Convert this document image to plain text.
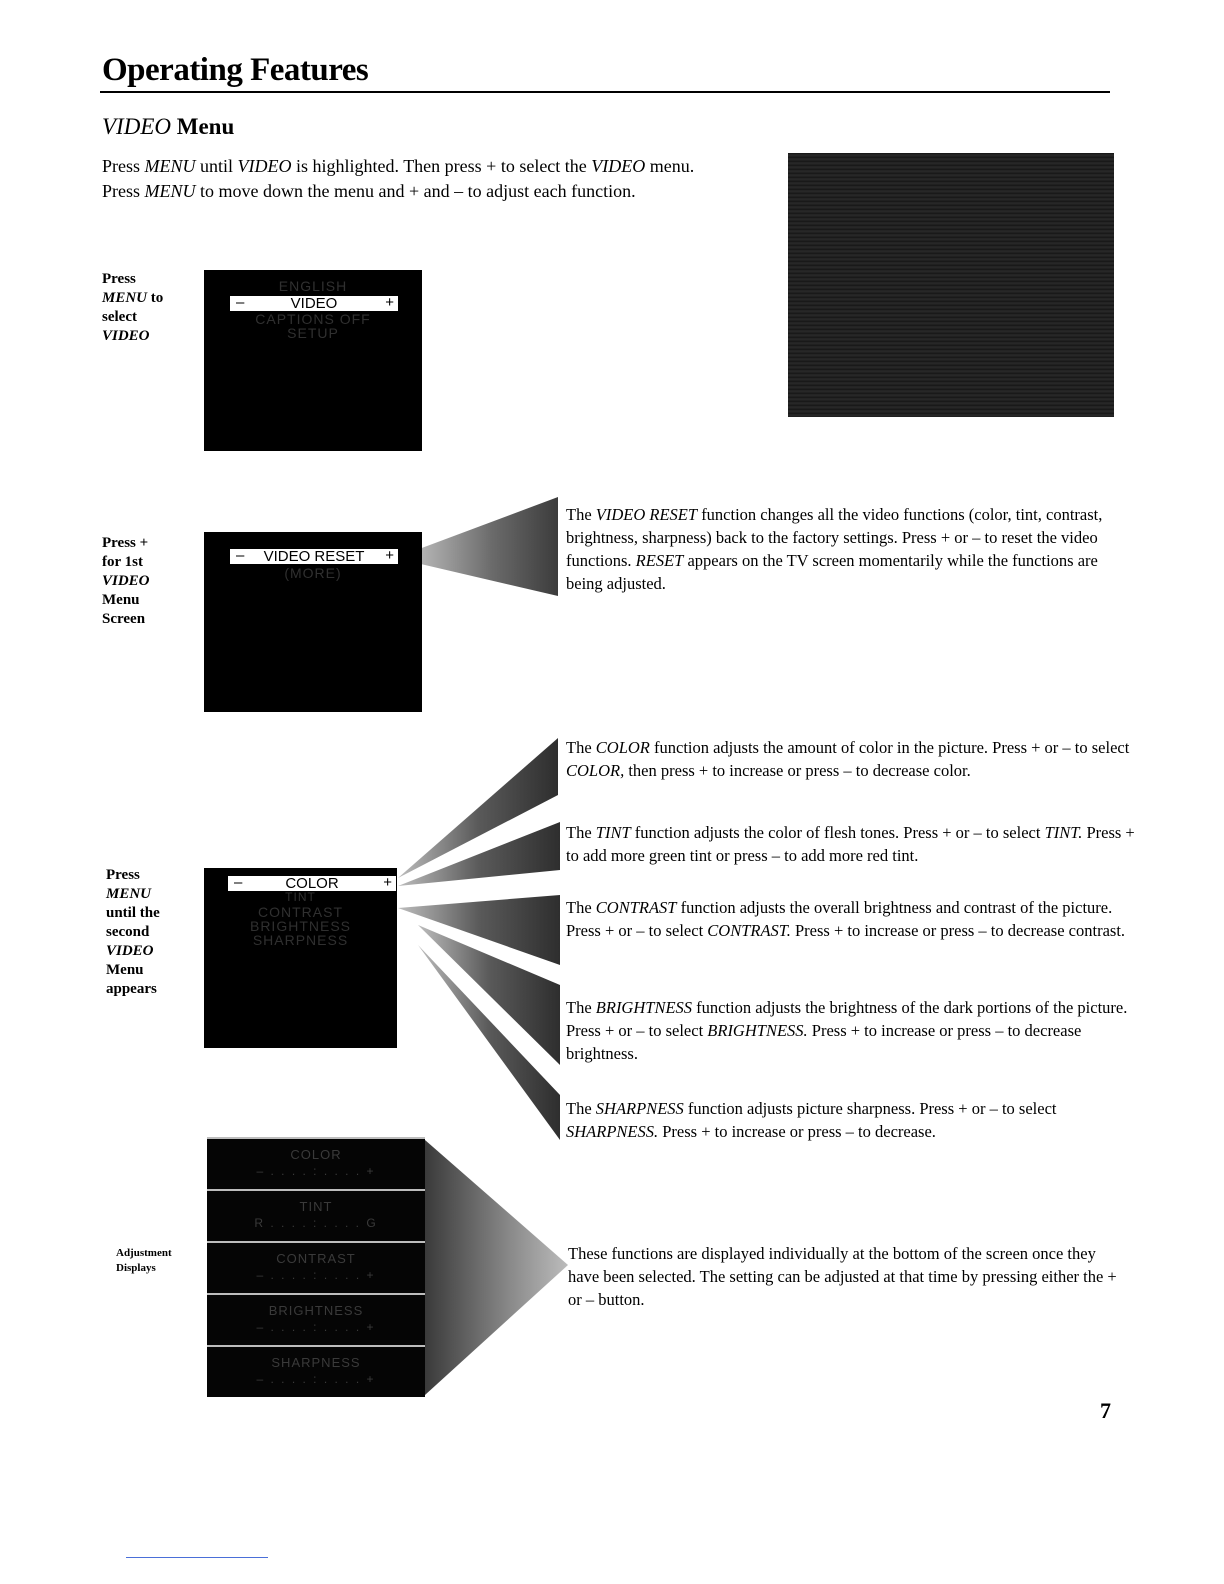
Operating Features
VIDEO Menu
Press MENU until VIDEO is highlighted. Then press + to select the VIDEO menu. Press MENU to move down the menu and + and – to adjust each function.
Press
MENU to
select
VIDEO
ENGLISH
–	VIDEO	+
CAPTIONS OFF
SETUP
Press +
for 1st
VIDEO
Menu
Screen
–	VIDEO RESET	+
(MORE)
The VIDEO RESET function changes all the video functions (color, tint, contrast, brightness, sharpness) back to the factory settings. Press + or – to reset the video functions. RESET appears on the TV screen momentarily while the functions are being adjusted.
Press
MENU
until the
second
VIDEO
Menu
appears
–	COLOR	+
TINT
CONTRAST
BRIGHTNESS
SHARPNESS
The COLOR function adjusts the amount of color in the picture. Press + or – to select COLOR, then press + to increase or press – to decrease color.
The TINT function adjusts the color of flesh tones. Press + or – to select TINT. Press + to add more green tint or press – to add more red tint.
The CONTRAST function adjusts the overall brightness and contrast of the picture. Press + or – to select CONTRAST. Press + to increase or press – to decrease contrast.
The BRIGHTNESS function adjusts the brightness of the dark portions of the picture. Press + or – to select BRIGHTNESS. Press + to increase or press – to decrease brightness.
The SHARPNESS function adjusts picture sharpness. Press + or – to select SHARPNESS. Press + to increase or press – to decrease.
Adjustment
Displays
COLOR
– . . . . : . . . . +
TINT
R . . . . : . . . . G
CONTRAST
– . . . . : . . . . +
BRIGHTNESS
– . . . . : . . . . +
SHARPNESS
– . . . . : . . . . +
These functions are displayed individually at the bottom of the screen once they have been selected. The setting can be adjusted at that time by pressing either the + or – button.
7
